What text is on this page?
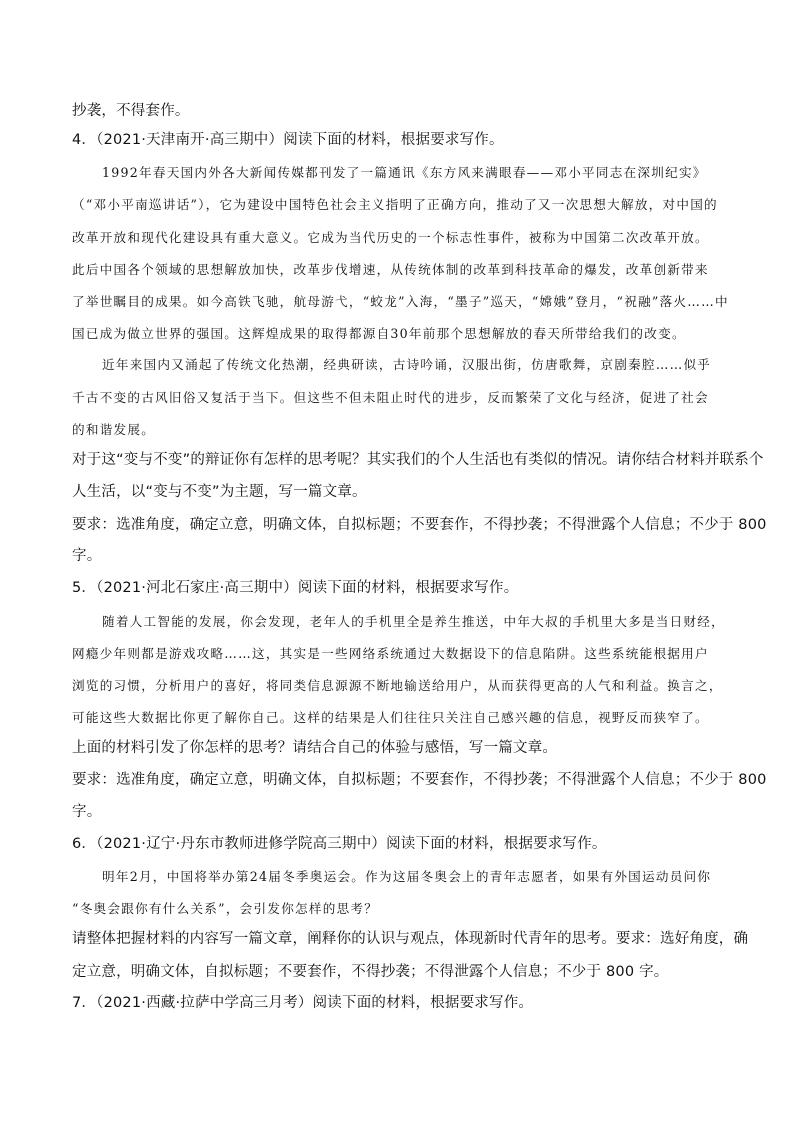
抄袭，不得套作。
4．（2021·天津南开·高三期中）阅读下面的材料，根据要求写作。
1992年春天国内外各大新闻传媒都刊发了一篇通讯《东方风来满眼春——邓小平同志在深圳纪实》
（“邓小平南巡讲话”），它为建设中国特色社会主义指明了正确方向，推动了又一次思想大解放，对中国的
改革开放和现代化建设具有重大意义。它成为当代历史的一个标志性事件，被称为中国第二次改革开放。
此后中国各个领域的思想解放加快，改革步伐增速，从传统体制的改革到科技革命的爆发，改革创新带来
了举世瞩目的成果。如今高铁飞驰，航母游弋，“蛟龙”入海，“墨子”巡天，“嫦娥”登月，“祝融”落火……中
国已成为做立世界的强国。这辉煌成果的取得都源自30年前那个思想解放的春天所带给我们的改变。
近年来国内又涌起了传统文化热潮，经典研读，古诗吟诵，汉服出街，仿唐歌舞，京剧秦腔……似乎
千古不变的古风旧俗又复活于当下。但这些不但未阻止时代的进步，反而繁荣了文化与经济，促进了社会
的和谐发展。
对于这“变与不变”的辩证你有怎样的思考呢？其实我们的个人生活也有类似的情况。请你结合材料并联系个
人生活，以“变与不变”为主题，写一篇文章。
要求：选准角度，确定立意，明确文体，自拟标题；不要套作，不得抄袭；不得泄露个人信息；不少于 800
字。
5．（2021·河北石家庄·高三期中）阅读下面的材料，根据要求写作。
随着人工智能的发展，你会发现，老年人的手机里全是养生推送，中年大叔的手机里大多是当日财经，
网瘾少年则都是游戏攻略……这，其实是一些网络系统通过大数据设下的信息陷阱。这些系统能根据用户
浏览的习惯，分析用户的喜好，将同类信息源源不断地输送给用户，从而获得更高的人气和利益。换言之，
可能这些大数据比你更了解你自己。这样的结果是人们往往只关注自己感兴趣的信息，视野反而狭窄了。
上面的材料引发了你怎样的思考？请结合自己的体验与感悟，写一篇文章。
要求：选准角度，确定立意，明确文体，自拟标题；不要套作，不得抄袭；不得泄露个人信息；不少于 800
字。
6．（2021·辽宁·丹东市教师进修学院高三期中）阅读下面的材料，根据要求写作。
明年2月，中国将举办第24届冬季奥运会。作为这届冬奥会上的青年志愿者，如果有外国运动员问你
“冬奥会跟你有什么关系”，会引发你怎样的思考？
请整体把握材料的内容写一篇文章，阐释你的认识与观点，体现新时代青年的思考。要求：选好角度，确
定立意，明确文体，自拟标题；不要套作，不得抄袭；不得泄露个人信息；不少于 800 字。
7．（2021·西藏·拉萨中学高三月考）阅读下面的材料，根据要求写作。
